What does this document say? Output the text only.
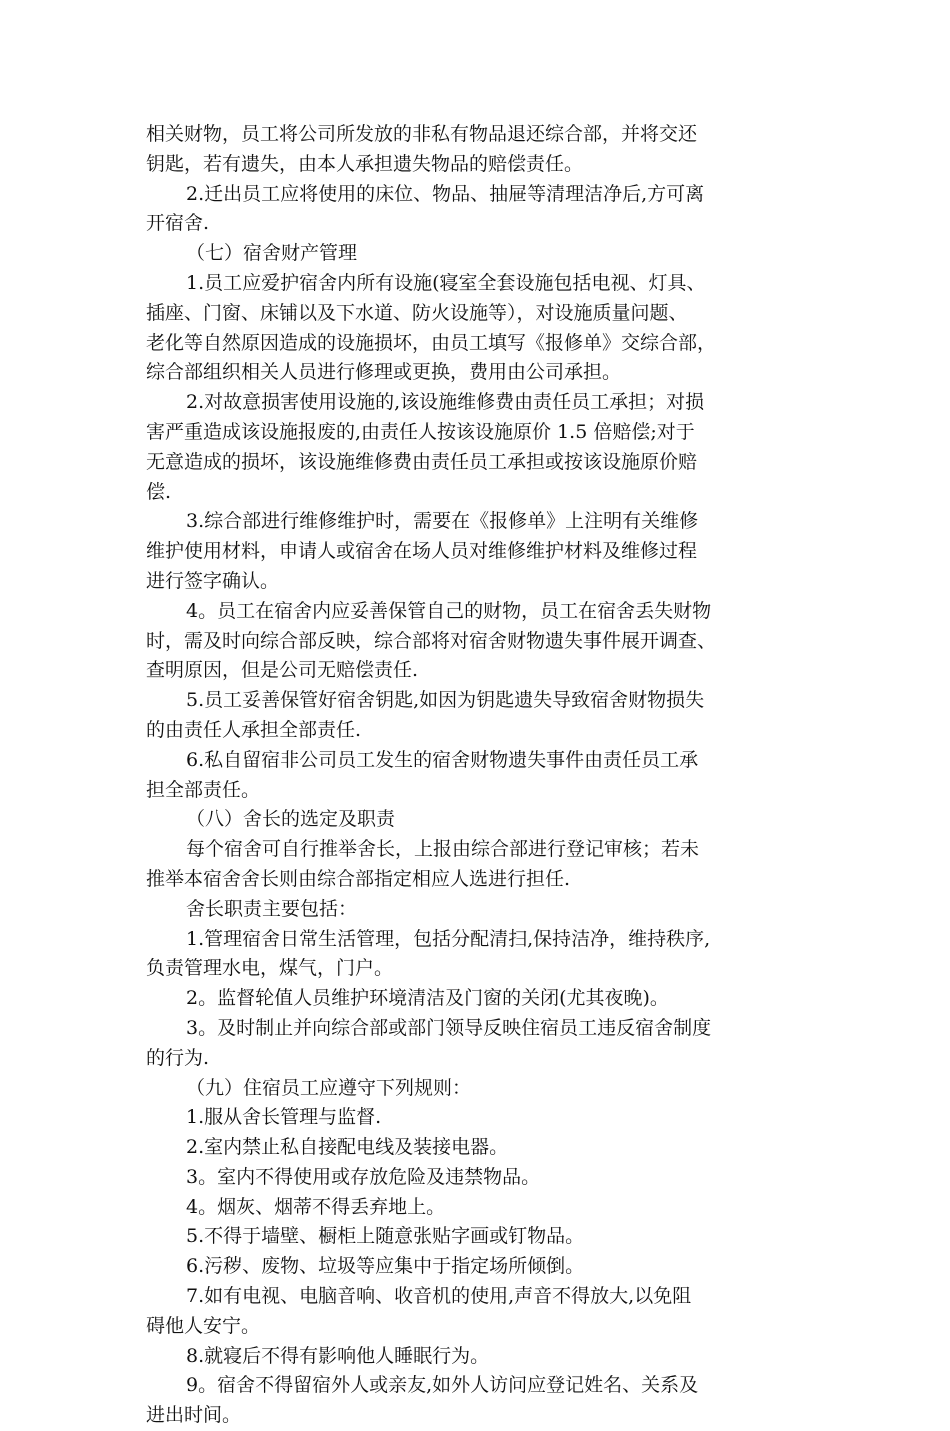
相关财物，员工将公司所发放的非私有物品退还综合部，并将交还
钥匙，若有遗失，由本人承担遗失物品的赔偿责任。
2.迁出员工应将使用的床位、物品、抽屉等清理洁净后,方可离
开宿舍.
（七）宿舍财产管理
1.员工应爱护宿舍内所有设施(寝室全套设施包括电视、灯具、
插座、门窗、床铺以及下水道、防火设施等），对设施质量问题、
老化等自然原因造成的设施损坏，由员工填写《报修单》交综合部，
综合部组织相关人员进行修理或更换，费用由公司承担。
2.对故意损害使用设施的,该设施维修费由责任员工承担；对损
害严重造成该设施报废的,由责任人按该设施原价 1.5 倍赔偿;对于
无意造成的损坏，该设施维修费由责任员工承担或按该设施原价赔
偿.
3.综合部进行维修维护时，需要在《报修单》上注明有关维修
维护使用材料，申请人或宿舍在场人员对维修维护材料及维修过程
进行签字确认。
4。员工在宿舍内应妥善保管自己的财物，员工在宿舍丢失财物
时，需及时向综合部反映，综合部将对宿舍财物遗失事件展开调查、
查明原因，但是公司无赔偿责任.
5.员工妥善保管好宿舍钥匙,如因为钥匙遗失导致宿舍财物损失
的由责任人承担全部责任.
6.私自留宿非公司员工发生的宿舍财物遗失事件由责任员工承
担全部责任。
（八）舍长的选定及职责
每个宿舍可自行推举舍长，上报由综合部进行登记审核；若未
推举本宿舍舍长则由综合部指定相应人选进行担任.
舍长职责主要包括：
1.管理宿舍日常生活管理，包括分配清扫,保持洁净，维持秩序,
负责管理水电，煤气，门户。
2。监督轮值人员维护环境清洁及门窗的关闭(尤其夜晚)。
3。及时制止并向综合部或部门领导反映住宿员工违反宿舍制度
的行为.
（九）住宿员工应遵守下列规则：
1.服从舍长管理与监督.
2.室内禁止私自接配电线及装接电器。
3。室内不得使用或存放危险及违禁物品。
4。烟灰、烟蒂不得丢弃地上。
5.不得于墙壁、橱柜上随意张贴字画或钉物品。
6.污秽、废物、垃圾等应集中于指定场所倾倒。
7.如有电视、电脑音响、收音机的使用,声音不得放大,以免阻
碍他人安宁。
8.就寝后不得有影响他人睡眠行为。
9。宿舍不得留宿外人或亲友,如外人访问应登记姓名、关系及
进出时间。
